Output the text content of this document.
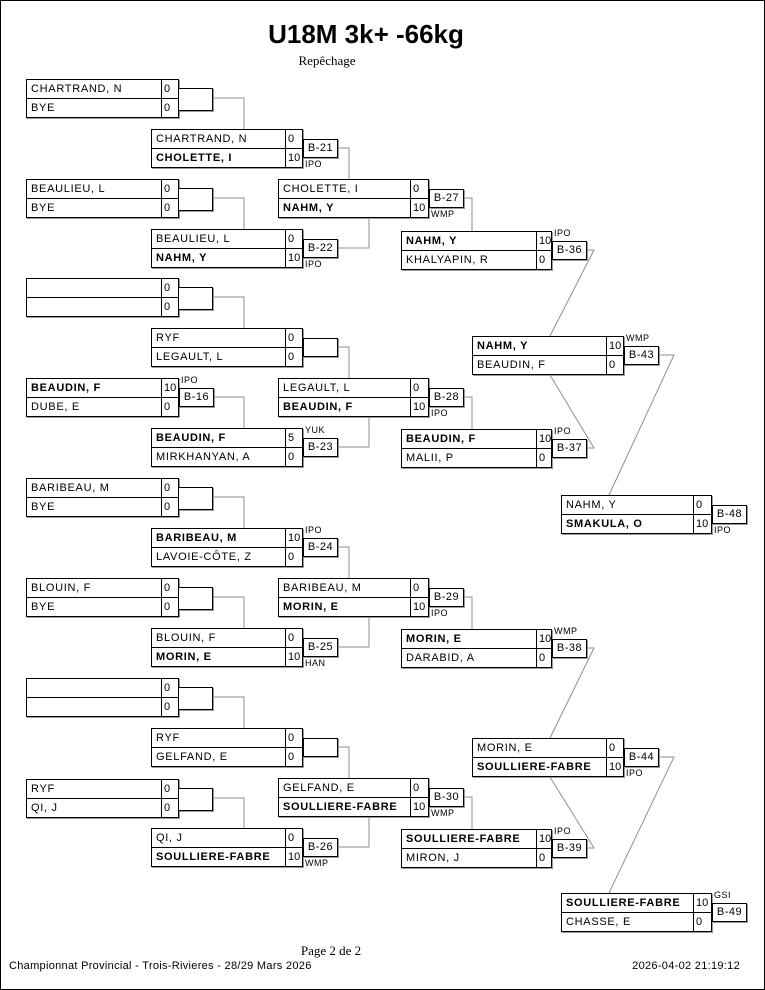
U18M 3k+ -66kg
Repêchage
CHARTRAND, N	0
BYE	0
BEAULIEU, L	0
BYE	0
0
0
BEAUDIN, F	10
DUBE, E	0
B-16
IPO
BARIBEAU, M	0
BYE	0
BLOUIN, F	0
BYE	0
0
0
RYF	0
QI, J	0
CHARTRAND, N	0
CHOLETTE, I	10
B-21
IPO
BEAULIEU, L	0
NAHM, Y	10
B-22
IPO
RYF	0
LEGAULT, L	0
BEAUDIN, F	5
MIRKHANYAN, A	0
B-23
YUK
BARIBEAU, M	10
LAVOIE-CÔTE, Z	0
B-24
IPO
BLOUIN, F	0
MORIN, E	10
B-25
HAN
RYF	0
GELFAND, E	0
QI, J	0
SOULLIERE-FABRE	10
B-26
WMP
CHOLETTE, I	0
NAHM, Y	10
B-27
WMP
LEGAULT, L	0
BEAUDIN, F	10
B-28
IPO
BARIBEAU, M	0
MORIN, E	10
B-29
IPO
GELFAND, E	0
SOULLIERE-FABRE	10
B-30
WMP
NAHM, Y	10
KHALYAPIN, R	0
B-36
IPO
BEAUDIN, F	10
MALII, P	0
B-37
IPO
MORIN, E	10
DARABID, A	0
B-38
WMP
SOULLIERE-FABRE	10
MIRON, J	0
B-39
IPO
NAHM, Y	10
BEAUDIN, F	0
B-43
WMP
MORIN, E	0
SOULLIERE-FABRE	10
B-44
IPO
NAHM, Y	0
SMAKULA, O	10
B-48
IPO
SOULLIERE-FABRE	10
CHASSE, E	0
B-49
GSI
Page 2 de 2
Championnat Provincial - Trois-Rivieres - 28/29 Mars 2026	2026-04-02 21:19:12
